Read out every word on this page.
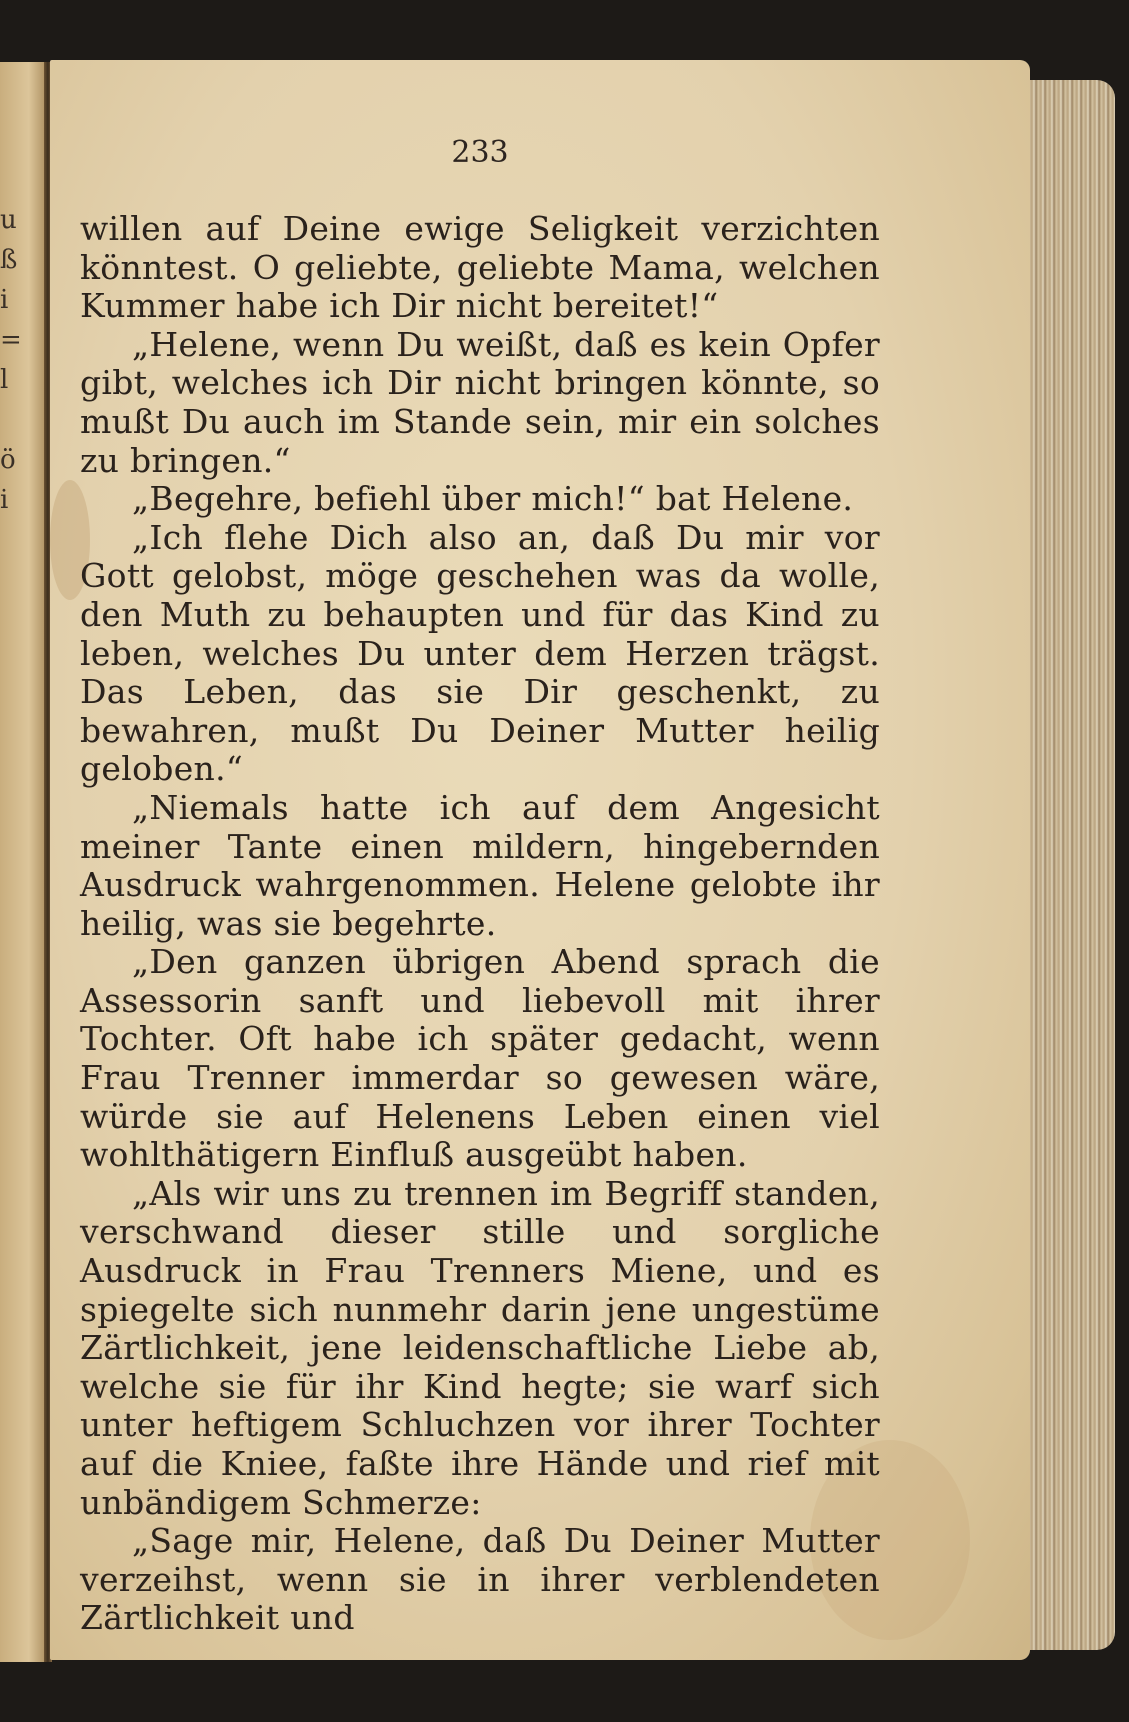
u
ß
i
=
l
ö
i
233

willen auf Deine ewige Seligkeit verzichten könntest. O geliebte, geliebte Mama, welchen Kummer habe ich Dir nicht bereitet!“

„Helene, wenn Du weißt, daß es kein Opfer gibt, welches ich Dir nicht bringen könnte, so mußt Du auch im Stande sein, mir ein solches zu bringen.“

„Begehre, befiehl über mich!“ bat Helene.

„Ich flehe Dich also an, daß Du mir vor Gott gelobst, möge geschehen was da wolle, den Muth zu behaupten und für das Kind zu leben, welches Du unter dem Herzen trägst. Das Leben, das sie Dir geschenkt, zu bewahren, mußt Du Deiner Mutter heilig geloben.“

„Niemals hatte ich auf dem Angesicht meiner Tante einen mildern, hingebernden Ausdruck wahrgenommen. Helene gelobte ihr heilig, was sie begehrte.

„Den ganzen übrigen Abend sprach die Assessorin sanft und liebevoll mit ihrer Tochter. Oft habe ich später gedacht, wenn Frau Trenner immerdar so gewesen wäre, würde sie auf Helenens Leben einen viel wohlthätigern Einfluß ausgeübt haben.

„Als wir uns zu trennen im Begriff standen, verschwand dieser stille und sorgliche Ausdruck in Frau Trenners Miene, und es spiegelte sich nunmehr darin jene ungestüme Zärtlichkeit, jene leidenschaftliche Liebe ab, welche sie für ihr Kind hegte; sie warf sich unter heftigem Schluchzen vor ihrer Tochter auf die Kniee, faßte ihre Hände und rief mit unbändigem Schmerze:

„Sage mir, Helene, daß Du Deiner Mutter verzeihst, wenn sie in ihrer verblendeten Zärtlichkeit und
